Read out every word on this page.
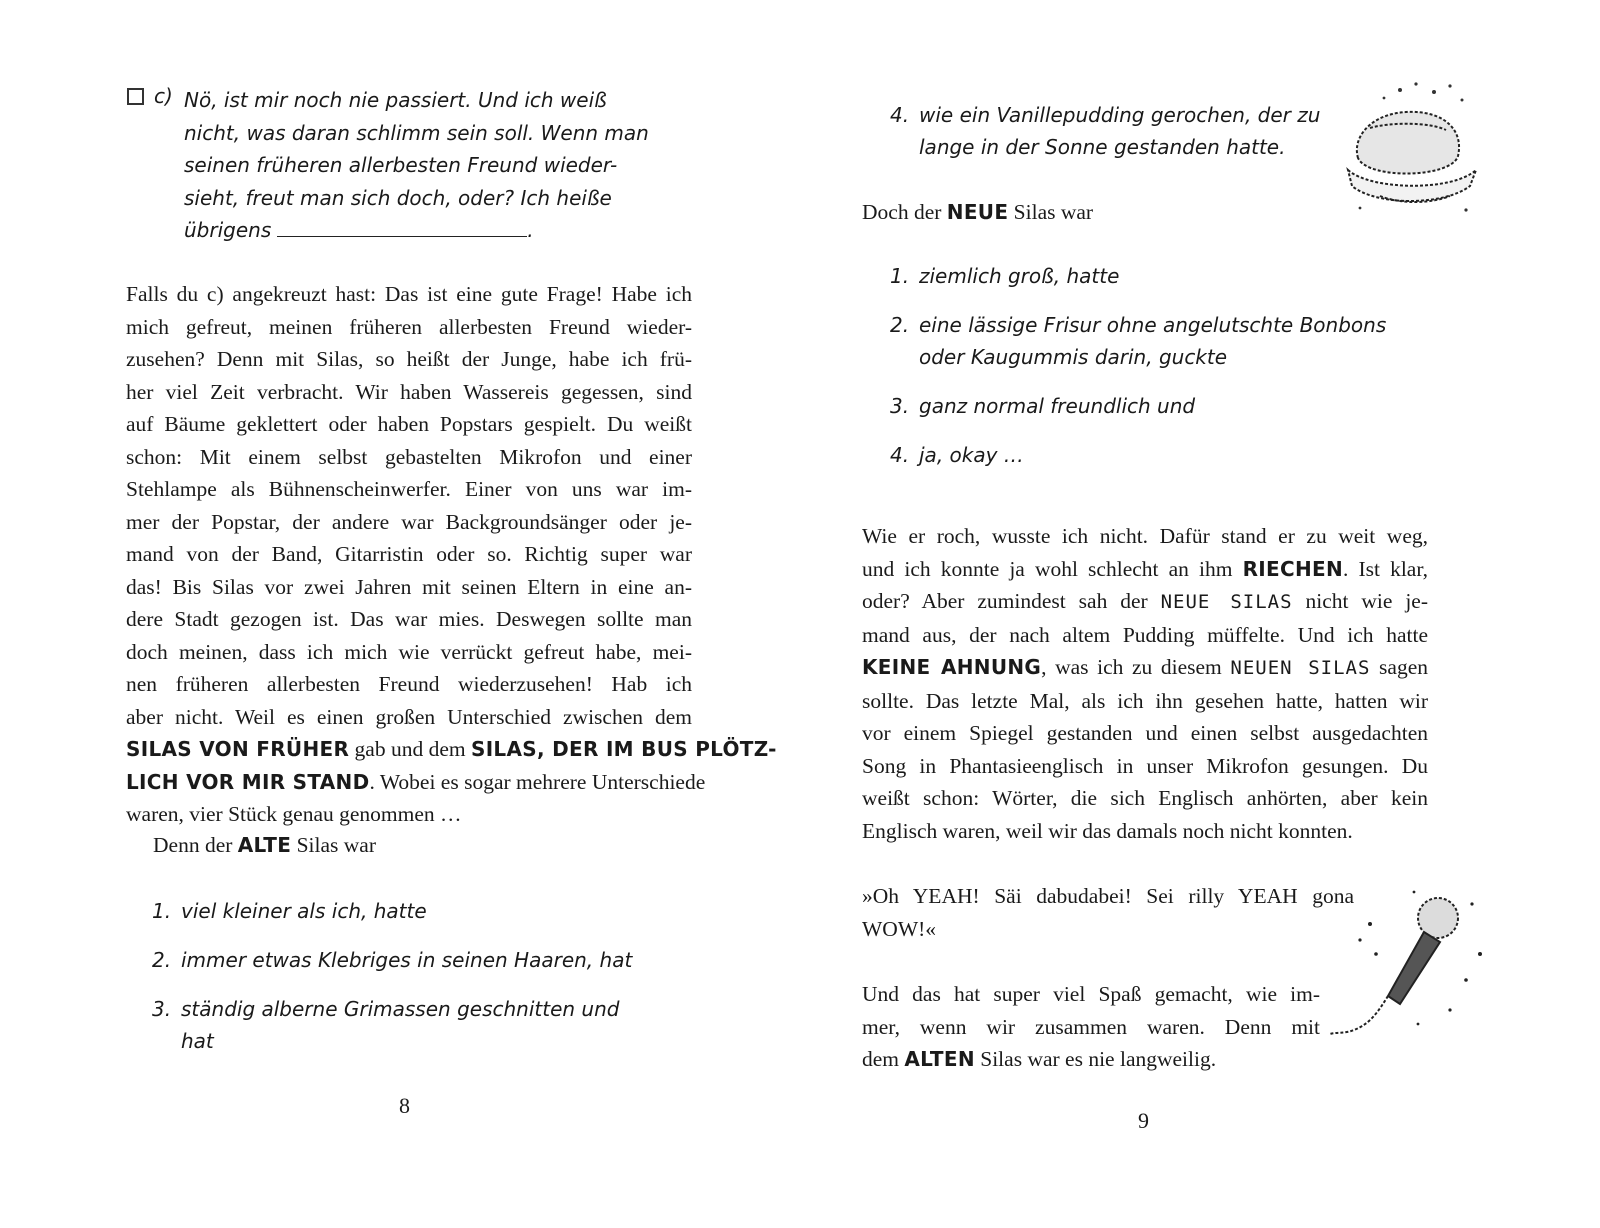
c) Nö, ist mir noch nie passiert. Und ich weiß
nicht, was daran schlimm sein soll. Wenn man
seinen früheren allerbesten Freund wieder-
sieht, freut man sich doch, oder? Ich heiße
übrigens	.
Falls du c) angekreuzt hast: Das ist eine gute Frage! Habe ich
mich gefreut, meinen früheren allerbesten Freund wieder-
zusehen? Denn mit Silas, so heißt der Junge, habe ich frü-
her viel Zeit verbracht. Wir haben Wassereis gegessen, sind
auf Bäume geklettert oder haben Popstars gespielt. Du weißt
schon: Mit einem selbst gebastelten Mikrofon und einer
Stehlampe als Bühnenscheinwerfer. Einer von uns war im-
mer der Popstar, der andere war Backgroundsänger oder je-
mand von der Band, Gitarristin oder so. Richtig super war
das! Bis Silas vor zwei Jahren mit seinen Eltern in eine an-
dere Stadt gezogen ist. Das war mies. Deswegen sollte man
doch meinen, dass ich mich wie verrückt gefreut habe, mei-
nen früheren allerbesten Freund wiederzusehen! Hab ich
aber nicht. Weil es einen großen Unterschied zwischen dem
SILAS VON FRÜHER gab und dem SILAS, DER IM BUS PLÖTZ-
LICH VOR MIR STAND. Wobei es sogar mehrere Unterschiede
waren, vier Stück genau genommen …
Denn der ALTE Silas war
1. viel kleiner als ich, hatte
2. immer etwas Klebriges in seinen Haaren, hat
3. ständig alberne Grimassen geschnitten und
hat
8
4. wie ein Vanillepudding gerochen, der zu
lange in der Sonne gestanden hatte.
Doch der NEUE Silas war
1. ziemlich groß, hatte
2. eine lässige Frisur ohne angelutschte Bonbons
oder Kaugummis darin, guckte
3. ganz normal freundlich und
4. ja, okay …
Wie er roch, wusste ich nicht. Dafür stand er zu weit weg,
und ich konnte ja wohl schlecht an ihm RIECHEN. Ist klar,
oder? Aber zumindest sah der NEUE SILAS nicht wie je-
mand aus, der nach altem Pudding müffelte. Und ich hatte
KEINE AHNUNG, was ich zu diesem NEUEN SILAS sagen
sollte. Das letzte Mal, als ich ihn gesehen hatte, hatten wir
vor einem Spiegel gestanden und einen selbst ausgedachten
Song in Phantasieenglisch in unser Mikrofon gesungen. Du
weißt schon: Wörter, die sich Englisch anhörten, aber kein
Englisch waren, weil wir das damals noch nicht konnten.
»Oh YEAH! Säi dabudabei! Sei rilly YEAH gona
WOW!«
Und das hat super viel Spaß gemacht, wie im-
mer, wenn wir zusammen waren. Denn mit
dem ALTEN Silas war es nie langweilig.
9
